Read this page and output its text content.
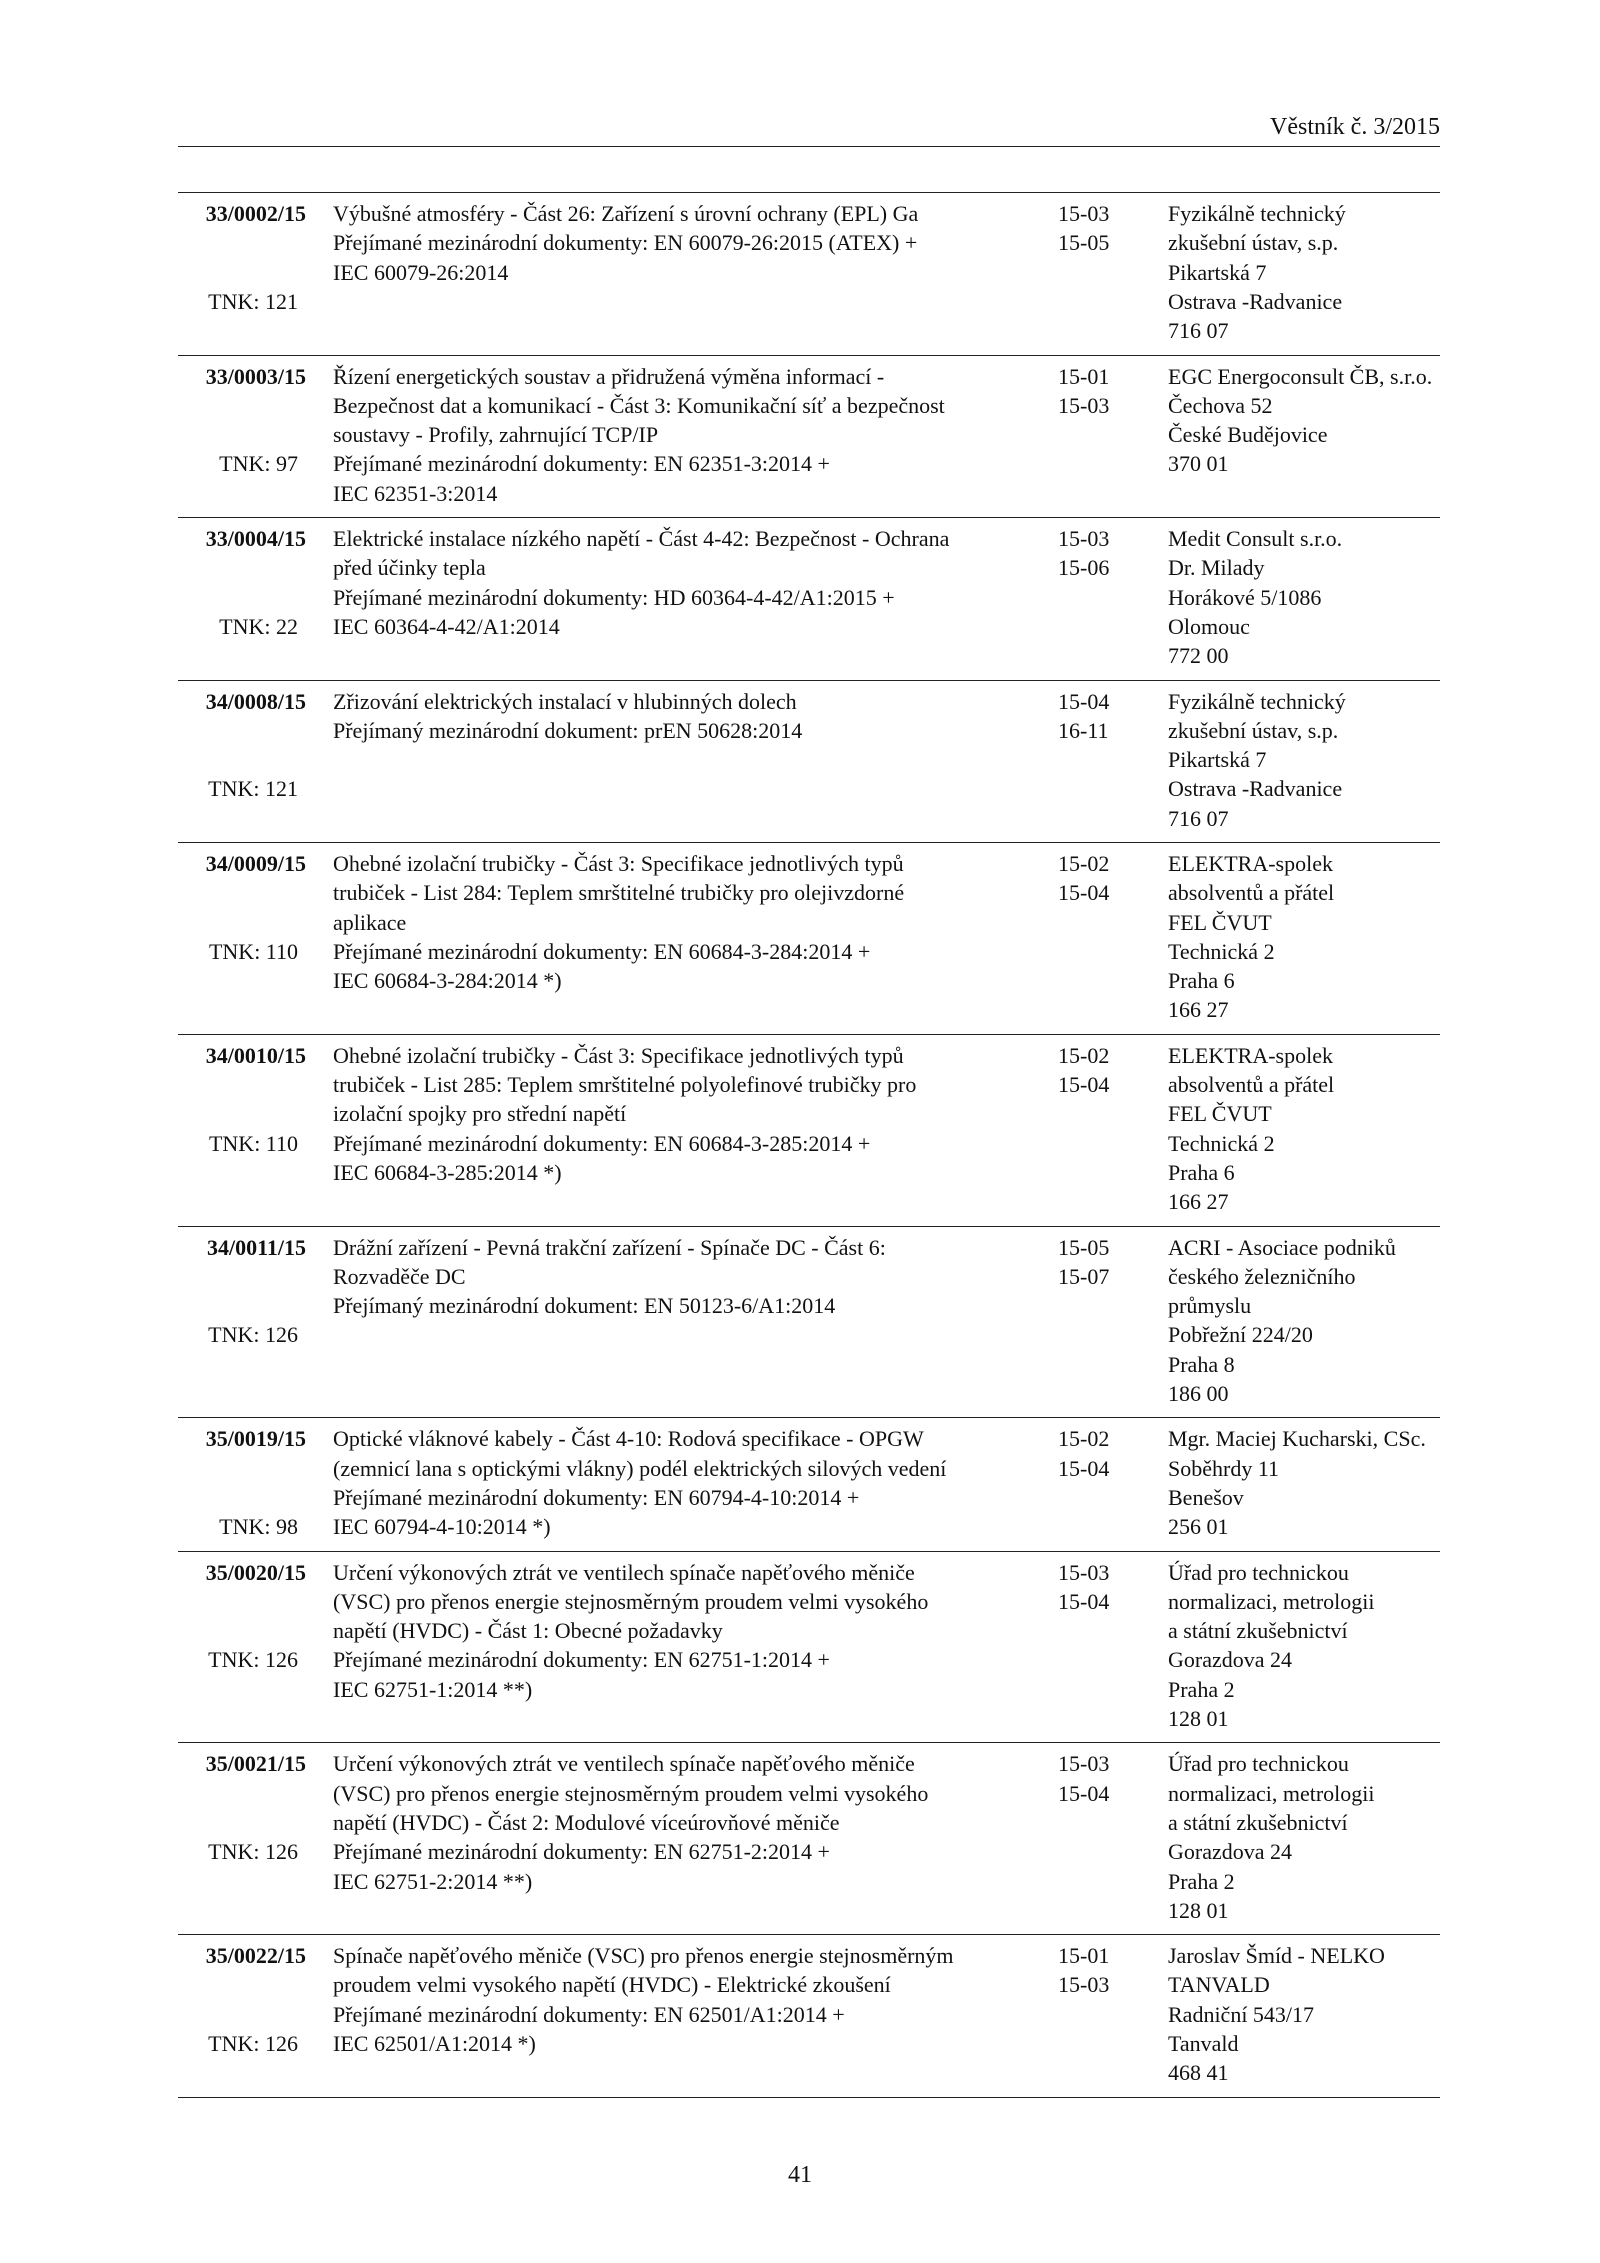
Věstník č. 3/2015
33/0002/15
TNK: 121
Výbušné atmosféry - Část 26: Zařízení s úrovní ochrany (EPL) Ga
Přejímané mezinárodní dokumenty: EN 60079-26:2015 (ATEX) +
IEC 60079-26:2014
15-03
15-05
Fyzikálně technický
zkušební ústav, s.p.
Pikartská 7
Ostrava -Radvanice
716 07
33/0003/15
TNK: 97
Řízení energetických soustav a přidružená výměna informací -
Bezpečnost dat a komunikací - Část 3: Komunikační síť a bezpečnost
soustavy - Profily, zahrnující TCP/IP
Přejímané mezinárodní dokumenty: EN 62351-3:2014 +
IEC 62351-3:2014
15-01
15-03
EGC Energoconsult ČB, s.r.o.
Čechova 52
České Budějovice
370 01
33/0004/15
TNK: 22
Elektrické instalace nízkého napětí - Část 4-42: Bezpečnost - Ochrana
před účinky tepla
Přejímané mezinárodní dokumenty: HD 60364-4-42/A1:2015 +
IEC 60364-4-42/A1:2014
15-03
15-06
Medit Consult s.r.o.
Dr. Milady
Horákové 5/1086
Olomouc
772 00
34/0008/15
TNK: 121
Zřizování elektrických instalací v hlubinných dolech
Přejímaný mezinárodní dokument: prEN 50628:2014
15-04
16-11
Fyzikálně technický
zkušební ústav, s.p.
Pikartská 7
Ostrava -Radvanice
716 07
34/0009/15
TNK: 110
Ohebné izolační trubičky - Část 3: Specifikace jednotlivých typů
trubiček - List 284: Teplem smrštitelné trubičky pro olejivzdorné
aplikace
Přejímané mezinárodní dokumenty: EN 60684-3-284:2014 +
IEC 60684-3-284:2014 *)
15-02
15-04
ELEKTRA-spolek
absolventů a přátel
FEL ČVUT
Technická 2
Praha 6
166 27
34/0010/15
TNK: 110
Ohebné izolační trubičky - Část 3: Specifikace jednotlivých typů
trubiček - List 285: Teplem smrštitelné polyolefinové trubičky pro
izolační spojky pro střední napětí
Přejímané mezinárodní dokumenty: EN 60684-3-285:2014 +
IEC 60684-3-285:2014 *)
15-02
15-04
ELEKTRA-spolek
absolventů a přátel
FEL ČVUT
Technická 2
Praha 6
166 27
34/0011/15
TNK: 126
Drážní zařízení - Pevná trakční zařízení - Spínače DC - Část 6:
Rozvaděče DC
Přejímaný mezinárodní dokument: EN 50123-6/A1:2014
15-05
15-07
ACRI - Asociace podniků
českého železničního
průmyslu
Pobřežní 224/20
Praha 8
186 00
35/0019/15
TNK: 98
Optické vláknové kabely - Část 4-10: Rodová specifikace - OPGW
(zemnicí lana s optickými vlákny) podél elektrických silových vedení
Přejímané mezinárodní dokumenty: EN 60794-4-10:2014 +
IEC 60794-4-10:2014 *)
15-02
15-04
Mgr. Maciej Kucharski, CSc.
Soběhrdy 11
Benešov
256 01
35/0020/15
TNK: 126
Určení výkonových ztrát ve ventilech spínače napěťového měniče
(VSC) pro přenos energie stejnosměrným proudem velmi vysokého
napětí (HVDC) - Část 1: Obecné požadavky
Přejímané mezinárodní dokumenty: EN 62751-1:2014 +
IEC 62751-1:2014 **)
15-03
15-04
Úřad pro technickou
normalizaci, metrologii
a státní zkušebnictví
Gorazdova 24
Praha 2
128 01
35/0021/15
TNK: 126
Určení výkonových ztrát ve ventilech spínače napěťového měniče
(VSC) pro přenos energie stejnosměrným proudem velmi vysokého
napětí (HVDC) - Část 2: Modulové víceúrovňové měniče
Přejímané mezinárodní dokumenty: EN 62751-2:2014 +
IEC 62751-2:2014 **)
15-03
15-04
Úřad pro technickou
normalizaci, metrologii
a státní zkušebnictví
Gorazdova 24
Praha 2
128 01
35/0022/15
TNK: 126
Spínače napěťového měniče (VSC) pro přenos energie stejnosměrným
proudem velmi vysokého napětí (HVDC) - Elektrické zkoušení
Přejímané mezinárodní dokumenty: EN 62501/A1:2014 +
IEC 62501/A1:2014 *)
15-01
15-03
Jaroslav Šmíd - NELKO
TANVALD
Radniční 543/17
Tanvald
468 41
41
